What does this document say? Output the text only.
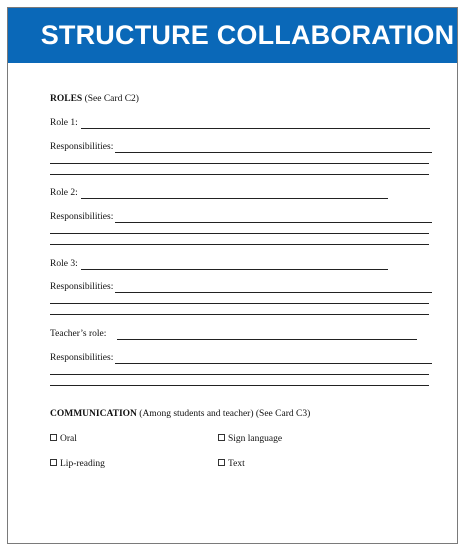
STRUCTURE COLLABORATION
ROLES (See Card C2)
Role 1:
Responsibilities:
Role 2:
Responsibilities:
Role 3:
Responsibilities:
Teacher’s role:
Responsibilities:
COMMUNICATION (Among students and teacher) (See Card C3)
Oral	Sign language
Lip-reading	Text
